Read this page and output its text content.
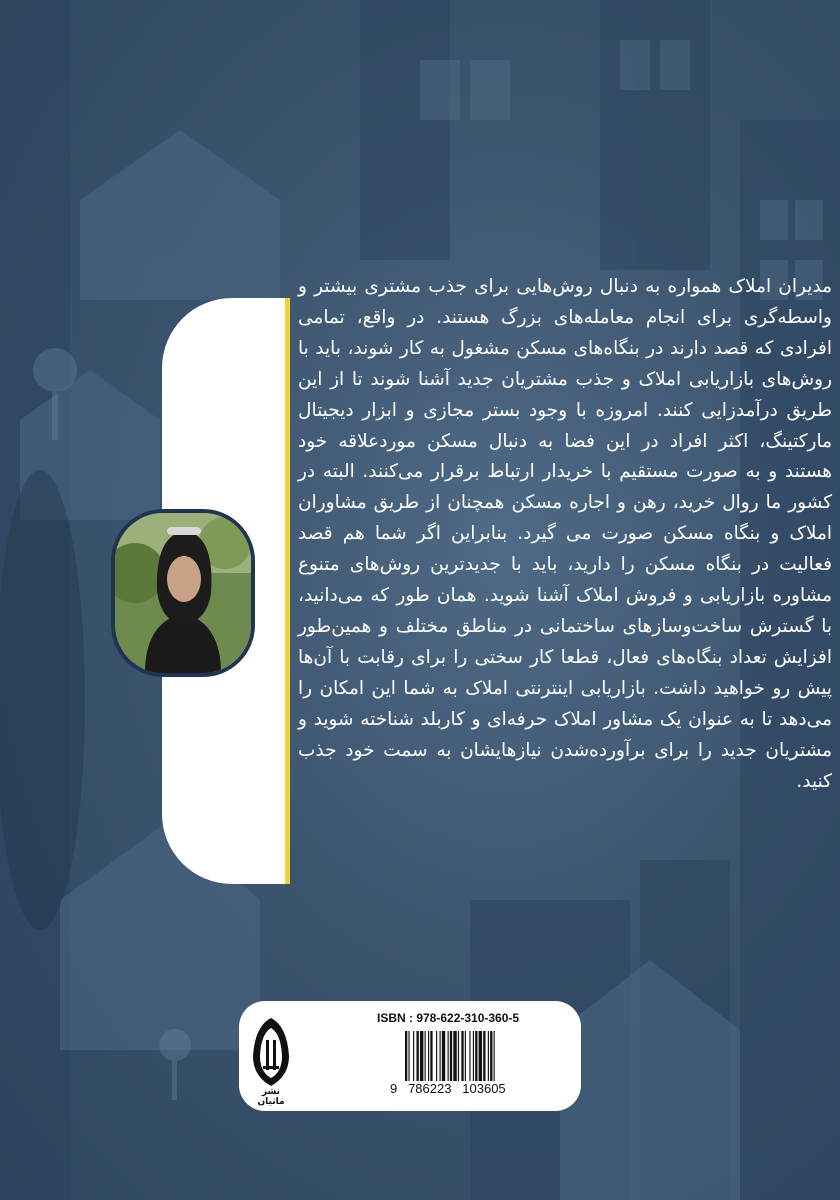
مدیران املاک همواره به دنبال روش‌هایی برای جذب مشتری بیشتر و واسطه‌گری برای انجام معامله‌های بزرگ هستند. در واقع، تمامی افرادی که قصد دارند در بنگاه‌های مسکن مشغول به کار شوند، باید با روش‌های بازاریابی املاک و جذب مشتریان جدید آشنا شوند تا از این طریق درآمدزایی کنند. امروزه با وجود بستر مجازی و ابزار دیجیتال مارکتینگ، اکثر افراد در این فضا به دنبال مسکن موردعلاقه خود هستند و به صورت مستقیم با خریدار ارتباط برقرار می‌کنند. البته در کشور ما روال خرید، رهن و اجاره مسکن همچنان از طریق مشاوران املاک و بنگاه مسکن صورت می گیرد. بنابراین اگر شما هم قصد فعالیت در بنگاه مسکن را دارید، باید با جدیدترین روش‌های متنوع مشاوره بازاریابی و فروش املاک آشنا شوید. همان طور که می‌دانید، با گسترش ساخت‌وسازهای ساختمانی در مناطق مختلف و همین‌طور افزایش تعداد بنگاه‌های فعال، قطعا کار سختی را برای رقابت با آن‌ها پیش رو خواهید داشت. بازاریابی اینترنتی املاک به شما این امکان را می‌دهد تا به عنوان یک مشاور املاک حرفه‌ای و کاربلد شناخته شوید و مشتریان جدید را برای برآورده‌شدن نیازهایشان به سمت خود جذب کنید.

نشر ماتیان
ISBN : 978-622-310-360-5
9   786223   103605
